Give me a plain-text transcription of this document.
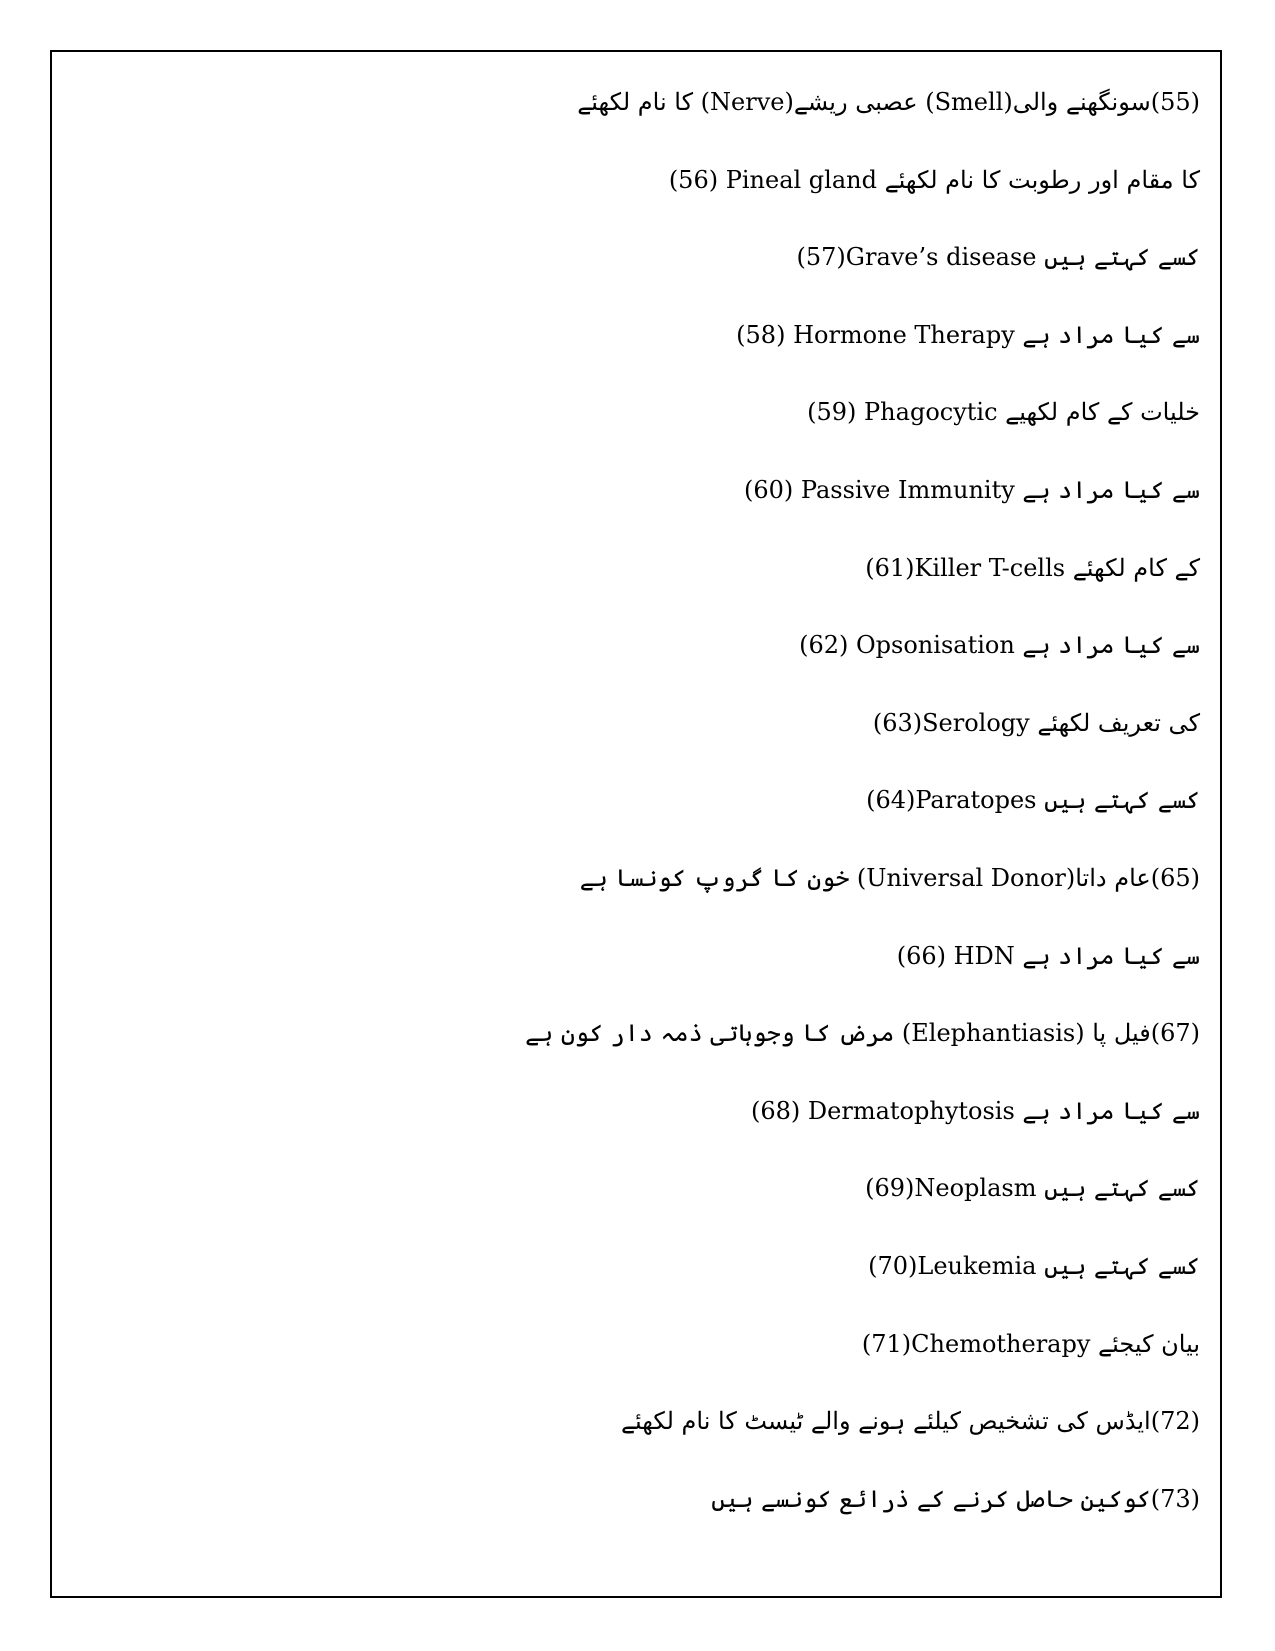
(55)سونگھنے والی(Smell) عصبی ریشے(Nerve) کا نام لکھئے
(56) Pineal gland کا مقام اور رطوبت کا نام لکھئے
(57)Grave’s disease کسے کہتے ہیں
(58) Hormone Therapy سے کیا مراد ہے
(59) Phagocytic خلیات کے کام لکھیے
(60) Passive Immunity سے کیا مراد ہے
(61)Killer T-cells کے کام لکھئے
(62) Opsonisation سے کیا مراد ہے
(63)Serology کی تعریف لکھئے
(64)Paratopes کسے کہتے ہیں
(65)عام داتا(Universal Donor) خون کا گروپ کونسا ہے
(66) HDN سے کیا مراد ہے
(67)فیل پا (Elephantiasis) مرض کا وجوہاتی ذمہ دار کون ہے
(68) Dermatophytosis سے کیا مراد ہے
(69)Neoplasm کسے کہتے ہیں
(70)Leukemia کسے کہتے ہیں
(71)Chemotherapy بیان کیجئے
(72)ایڈس کی تشخیص کیلئے ہونے والے ٹیسٹ کا نام لکھئے
(73)کوکین حاصل کرنے کے ذرائع کونسے ہیں
